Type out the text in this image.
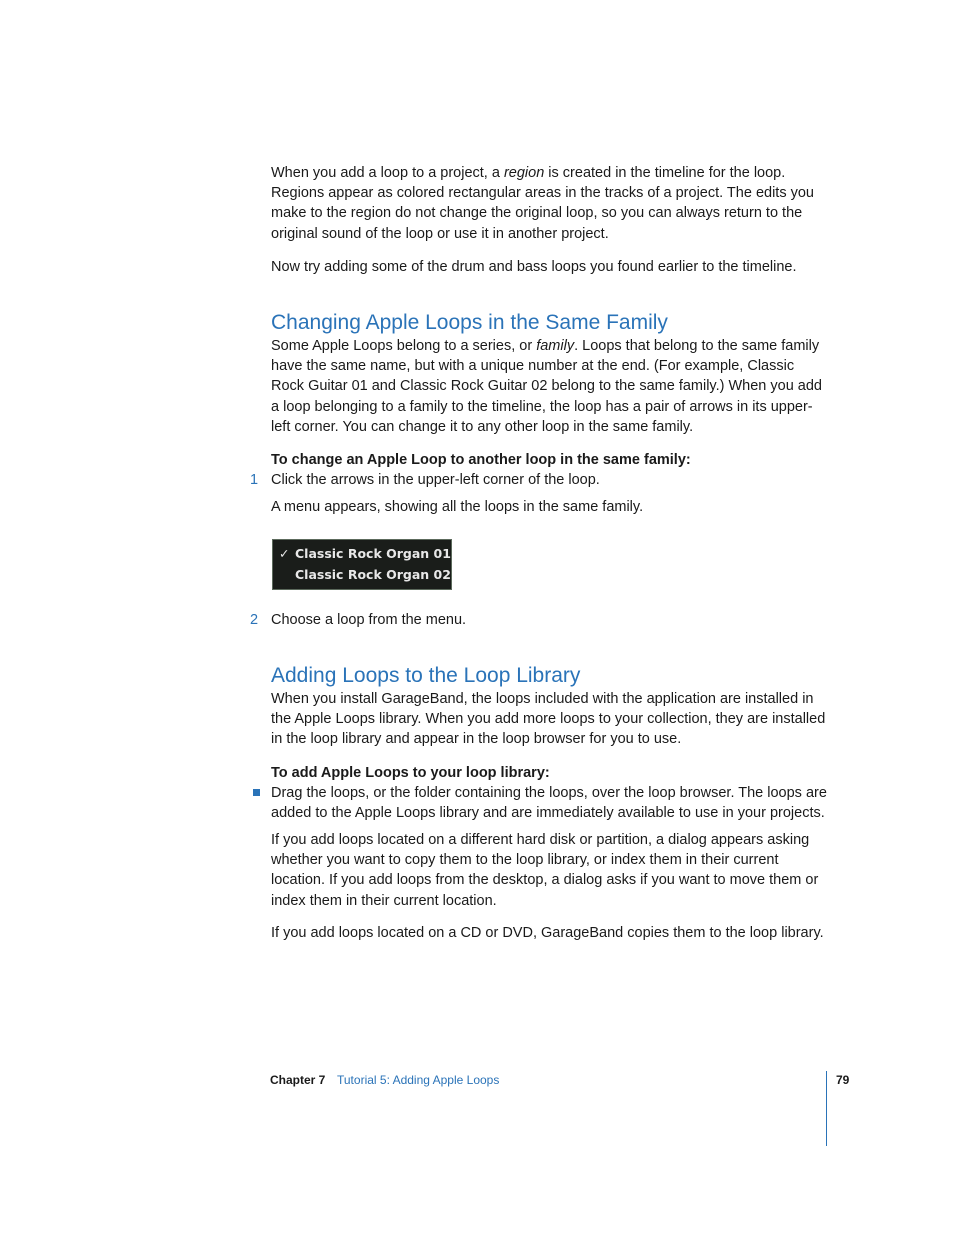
When you add a loop to a project, a region is created in the timeline for the loop. Regions appear as colored rectangular areas in the tracks of a project. The edits you make to the region do not change the original loop, so you can always return to the original sound of the loop or use it in another project.

Now try adding some of the drum and bass loops you found earlier to the timeline.

Changing Apple Loops in the Same Family

Some Apple Loops belong to a series, or family. Loops that belong to the same family have the same name, but with a unique number at the end. (For example, Classic Rock Guitar 01 and Classic Rock Guitar 02 belong to the same family.) When you add a loop belonging to a family to the timeline, the loop has a pair of arrows in its upper-left corner. You can change it to any other loop in the same family.

To change an Apple Loop to another loop in the same family:

1 Click the arrows in the upper-left corner of the loop.

A menu appears, showing all the loops in the same family.

✓ Classic Rock Organ 01
Classic Rock Organ 02
2 Choose a loop from the menu.

Adding Loops to the Loop Library

When you install GarageBand, the loops included with the application are installed in the Apple Loops library. When you add more loops to your collection, they are installed in the loop library and appear in the loop browser for you to use.

To add Apple Loops to your loop library:

Drag the loops, or the folder containing the loops, over the loop browser. The loops are added to the Apple Loops library and are immediately available to use in your projects.

If you add loops located on a different hard disk or partition, a dialog appears asking whether you want to copy them to the loop library, or index them in their current location. If you add loops from the desktop, a dialog asks if you want to move them or index them in their current location.

If you add loops located on a CD or DVD, GarageBand copies them to the loop library.

Chapter 7 Tutorial 5: Adding Apple Loops	79
